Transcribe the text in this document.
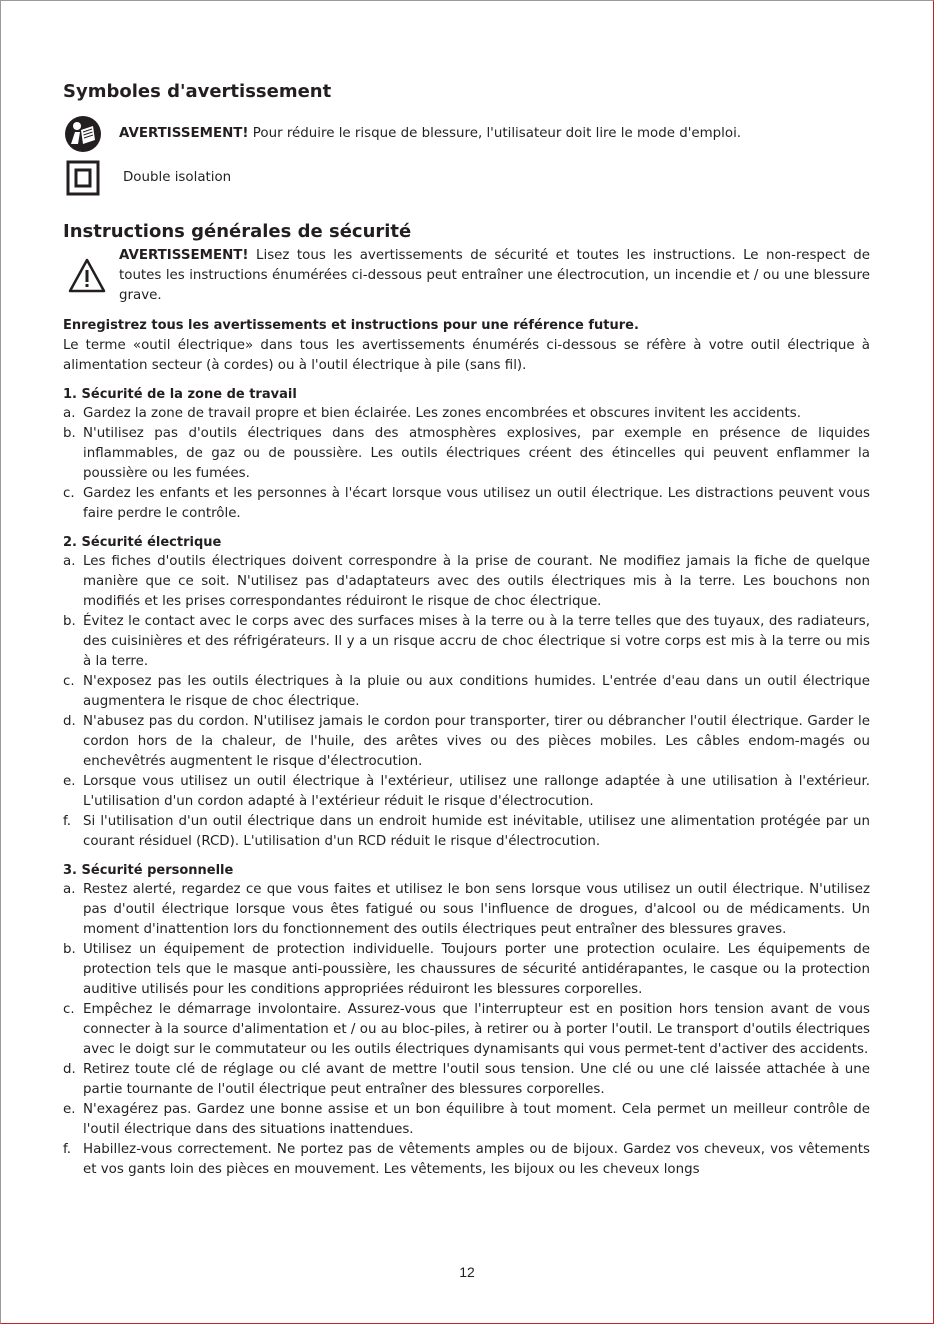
Symboles d'avertissement
AVERTISSEMENT! Pour réduire le risque de blessure, l'utilisateur doit lire le mode d'emploi.
Double isolation
Instructions générales de sécurité
AVERTISSEMENT! Lisez tous les avertissements de sécurité et toutes les instructions. Le non-respect de toutes les instructions énumérées ci-dessous peut entraîner une électrocution, un incendie et / ou une blessure grave.
Enregistrez tous les avertissements et instructions pour une référence future.
Le terme «outil électrique» dans tous les avertissements énumérés ci-dessous se réfère à votre outil électrique à alimentation secteur (à cordes) ou à l'outil électrique à pile (sans fil).
1. Sécurité de la zone de travail
a. Gardez la zone de travail propre et bien éclairée. Les zones encombrées et obscures invitent les accidents.
b. N'utilisez pas d'outils électriques dans des atmosphères explosives, par exemple en présence de liquides inflammables, de gaz ou de poussière. Les outils électriques créent des étincelles qui peuvent enflammer la poussière ou les fumées.
c. Gardez les enfants et les personnes à l'écart lorsque vous utilisez un outil électrique. Les distractions peuvent vous faire perdre le contrôle.
2. Sécurité électrique
a. Les fiches d'outils électriques doivent correspondre à la prise de courant. Ne modifiez jamais la fiche de quelque manière que ce soit. N'utilisez pas d'adaptateurs avec des outils électriques mis à la terre. Les bouchons non modifiés et les prises correspondantes réduiront le risque de choc électrique.
b. Évitez le contact avec le corps avec des surfaces mises à la terre ou à la terre telles que des tuyaux, des radiateurs, des cuisinières et des réfrigérateurs. Il y a un risque accru de choc électrique si votre corps est mis à la terre ou mis à la terre.
c. N'exposez pas les outils électriques à la pluie ou aux conditions humides. L'entrée d'eau dans un outil électrique augmentera le risque de choc électrique.
d. N'abusez pas du cordon. N'utilisez jamais le cordon pour transporter, tirer ou débrancher l'outil électrique. Garder le cordon hors de la chaleur, de l'huile, des arêtes vives ou des pièces mobiles. Les câbles endom-magés ou enchevêtrés augmentent le risque d'électrocution.
e. Lorsque vous utilisez un outil électrique à l'extérieur, utilisez une rallonge adaptée à une utilisation à l'extérieur. L'utilisation d'un cordon adapté à l'extérieur réduit le risque d'électrocution.
f. Si l'utilisation d'un outil électrique dans un endroit humide est inévitable, utilisez une alimentation protégée par un courant résiduel (RCD). L'utilisation d'un RCD réduit le risque d'électrocution.
3. Sécurité personnelle
a. Restez alerté, regardez ce que vous faites et utilisez le bon sens lorsque vous utilisez un outil électrique. N'utilisez pas d'outil électrique lorsque vous êtes fatigué ou sous l'influence de drogues, d'alcool ou de médicaments. Un moment d'inattention lors du fonctionnement des outils électriques peut entraîner des blessures graves.
b. Utilisez un équipement de protection individuelle. Toujours porter une protection oculaire. Les équipements de protection tels que le masque anti-poussière, les chaussures de sécurité antidérapantes, le casque ou la protection auditive utilisés pour les conditions appropriées réduiront les blessures corporelles.
c. Empêchez le démarrage involontaire. Assurez-vous que l'interrupteur est en position hors tension avant de vous connecter à la source d'alimentation et / ou au bloc-piles, à retirer ou à porter l'outil. Le transport d'outils électriques avec le doigt sur le commutateur ou les outils électriques dynamisants qui vous permet-tent d'activer des accidents.
d. Retirez toute clé de réglage ou clé avant de mettre l'outil sous tension. Une clé ou une clé laissée attachée à une partie tournante de l'outil électrique peut entraîner des blessures corporelles.
e. N'exagérez pas. Gardez une bonne assise et un bon équilibre à tout moment. Cela permet un meilleur contrôle de l'outil électrique dans des situations inattendues.
f. Habillez-vous correctement. Ne portez pas de vêtements amples ou de bijoux. Gardez vos cheveux, vos vêtements et vos gants loin des pièces en mouvement. Les vêtements, les bijoux ou les cheveux longs
12
